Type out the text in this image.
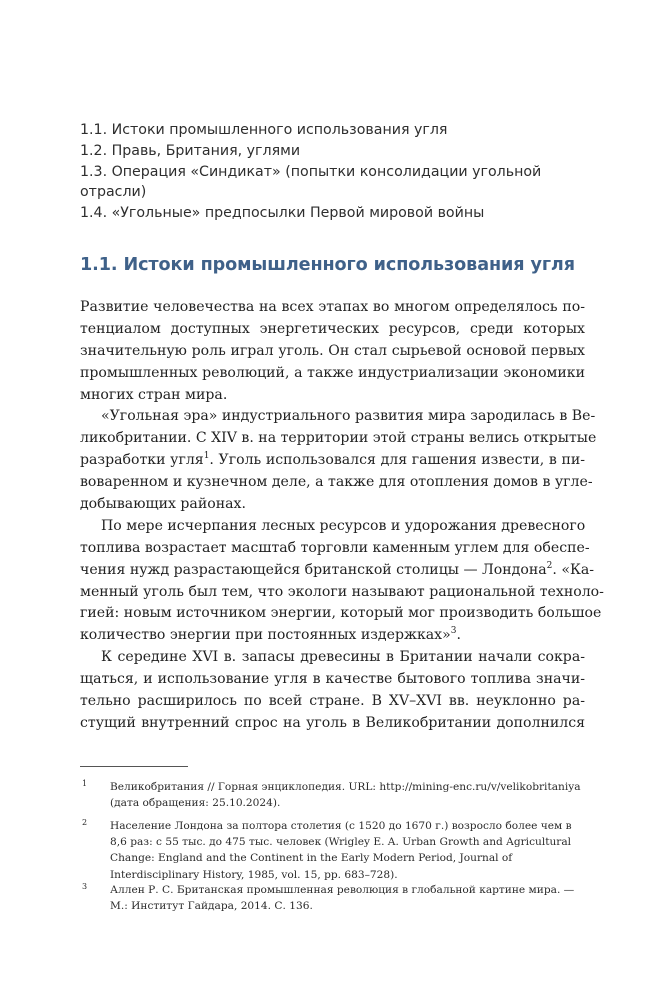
1.1. Истоки промышленного использования угля
1.2. Правь, Британия, углями
1.3. Операция «Синдикат» (попытки консолидации угольной
отрасли)
1.4. «Угольные» предпосылки Первой мировой войны
1.1. Истоки промышленного использования угля
Развитие человечества на всех этапах во многом определялось по-
тенциалом доступных энергетических ресурсов, среди которых
значительную роль играл уголь. Он стал сырьевой основой первых
промышленных революций, а также индустриализации экономики
многих стран мира.
«Угольная эра» индустриального развития мира зародилась в Ве-
ликобритании. С XIV в. на территории этой страны велись открытые
разработки угля$^1$. Уголь использовался для гашения извести, в пи-
воваренном и кузнечном деле, а также для отопления домов в угле-
добывающих районах.
По мере исчерпания лесных ресурсов и удорожания древесного
топлива возрастает масштаб торговли каменным углем для обеспе-
чения нужд разрастающейся британской столицы — Лондона$^2$. «Ка-
менный уголь был тем, что экологи называют рациональной техноло-
гией: новым источником энергии, который мог производить большое
количество энергии при постоянных издержках»$^3$.
К середине XVI в. запасы древесины в Британии начали сокра-
щаться, и использование угля в качестве бытового топлива значи-
тельно расширилось по всей стране. В XV–XVI вв. неуклонно ра-
стущий внутренний спрос на уголь в Великобритании дополнился
1 Великобритания // Горная энциклопедия. URL: http://mining-enc.ru/v/velikobritaniya (дата обращения: 25.10.2024).
2 Население Лондона за полтора столетия (с 1520 до 1670 г.) возросло более чем в 8,6 раз: с 55 тыс. до 475 тыс. человек (Wrigley E. A. Urban Growth and Agricultural Change: England and the Continent in the Early Modern Period, Journal of Interdisciplinary History, 1985, vol. 15, pp. 683–728).
3 Аллен Р. С. Британская промышленная революция в глобальной картине мира. — М.: Институт Гайдара, 2014. С. 136.
